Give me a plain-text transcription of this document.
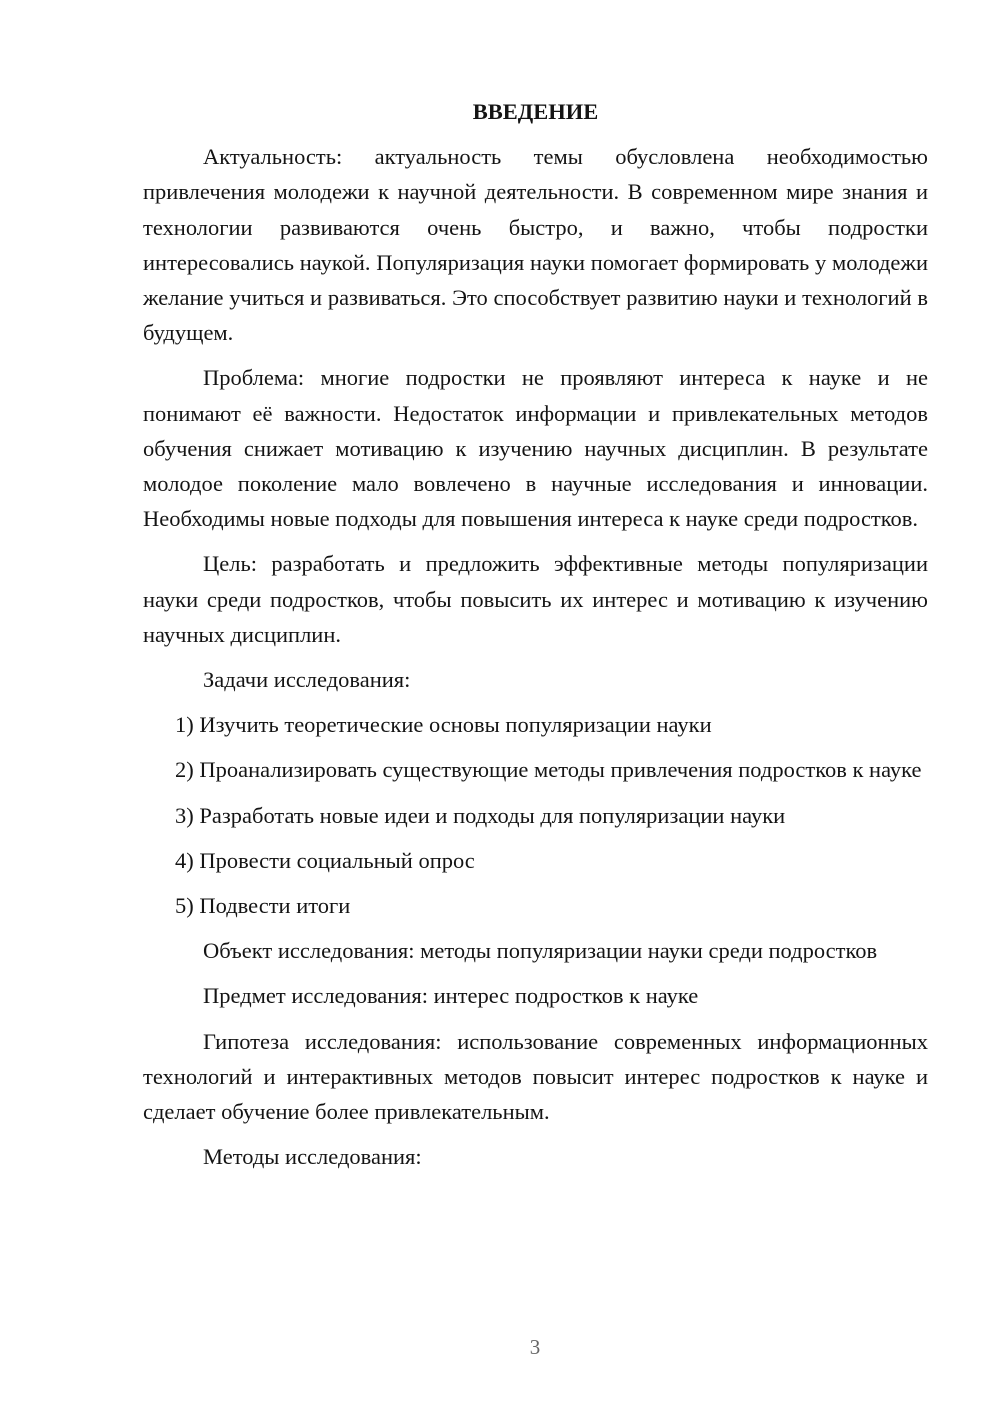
ВВЕДЕНИЕ

Актуальность: актуальность темы обусловлена необходимостью привлечения молодежи к научной деятельности. В современном мире знания и технологии развиваются очень быстро, и важно, чтобы подростки интересовались наукой. Популяризация науки помогает формировать у молодежи желание учиться и развиваться. Это способствует развитию науки и технологий в будущем.

Проблема: многие подростки не проявляют интереса к науке и не понимают её важности. Недостаток информации и привлекательных методов обучения снижает мотивацию к изучению научных дисциплин. В результате молодое поколение мало вовлечено в научные исследования и инновации. Необходимы новые подходы для повышения интереса к науке среди подростков.

Цель: разработать и предложить эффективные методы популяризации науки среди подростков, чтобы повысить их интерес и мотивацию к изучению научных дисциплин.

Задачи исследования:

1) Изучить теоретические основы популяризации науки

2) Проанализировать существующие методы привлечения подростков к науке

3) Разработать новые идеи и подходы для популяризации науки

4) Провести социальный опрос

5) Подвести итоги

Объект исследования: методы популяризации науки среди подростков

Предмет исследования: интерес подростков к науке

Гипотеза исследования: использование современных информационных технологий и интерактивных методов повысит интерес подростков к науке и сделает обучение более привлекательным.

Методы исследования:

3
